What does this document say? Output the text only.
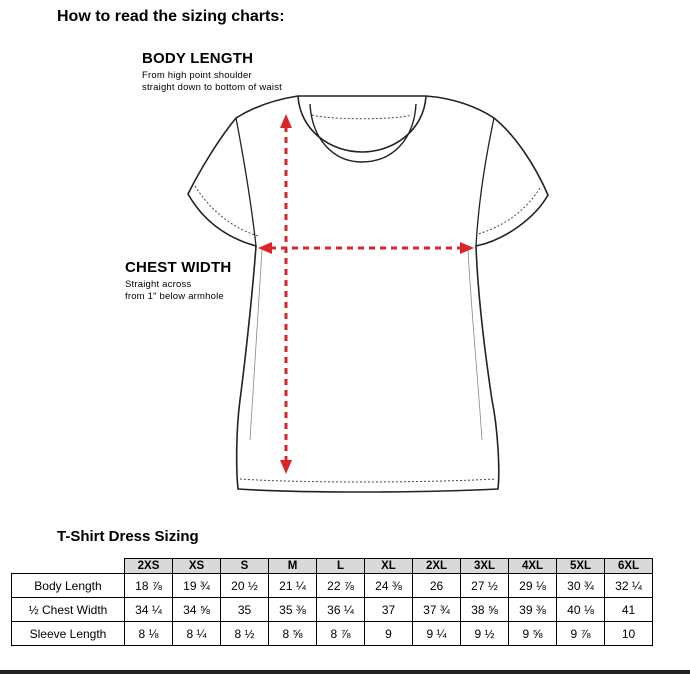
How to read the sizing charts:
BODY LENGTH
From high point shoulder
straight down to bottom of waist
CHEST WIDTH
Straight across
from 1" below armhole
T-Shirt Dress Sizing
	2XS	XS	S	M	L	XL	2XL	3XL	4XL	5XL	6XL
Body Length	18 ⅞	19 ¾	20 ½	21 ¼	22 ⅞	24 ⅜	26	27 ½	29 ⅛	30 ¾	32 ¼
½ Chest Width	34 ¼	34 ⅝	35	35 ⅜	36 ¼	37	37 ¾	38 ⅝	39 ⅜	40 ⅛	41
Sleeve Length	8 ⅛	8 ¼	8 ½	8 ⅝	8 ⅞	9	9 ¼	9 ½	9 ⅝	9 ⅞	10
